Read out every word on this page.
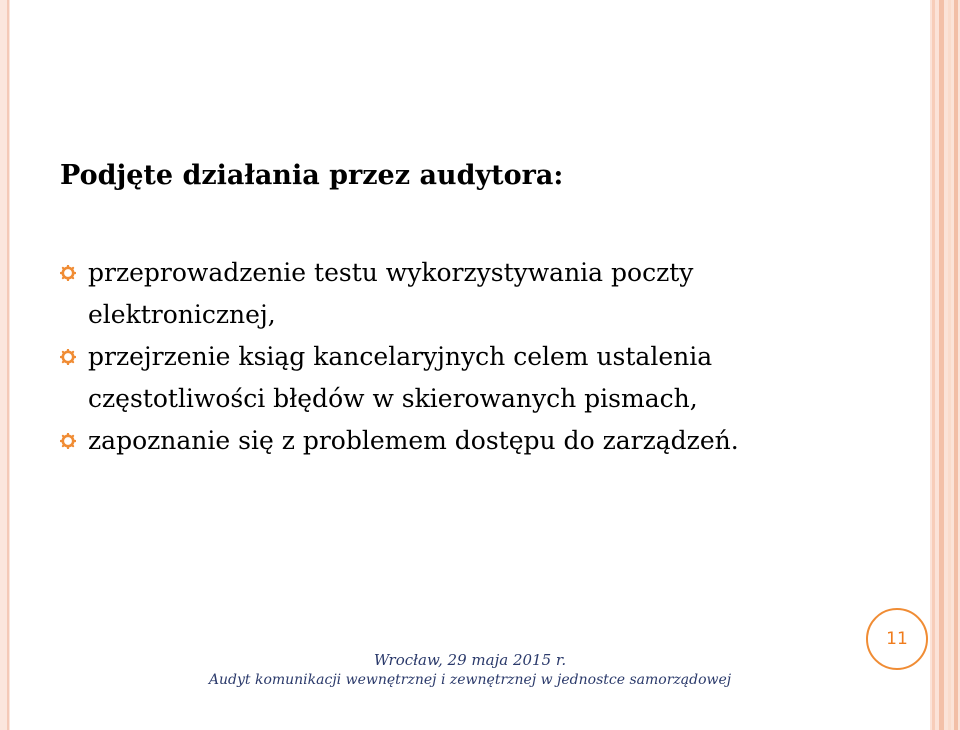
Podjęte działania przez audytora:
przeprowadzenie testu wykorzystywania poczty elektronicznej,
przejrzenie ksiąg kancelaryjnych celem ustalenia częstotliwości błędów w skierowanych pismach,
zapoznanie się z problemem dostępu do zarządzeń.
11
Wrocław, 29 maja 2015 r.
Audyt komunikacji wewnętrznej i zewnętrznej w jednostce samorządowej
